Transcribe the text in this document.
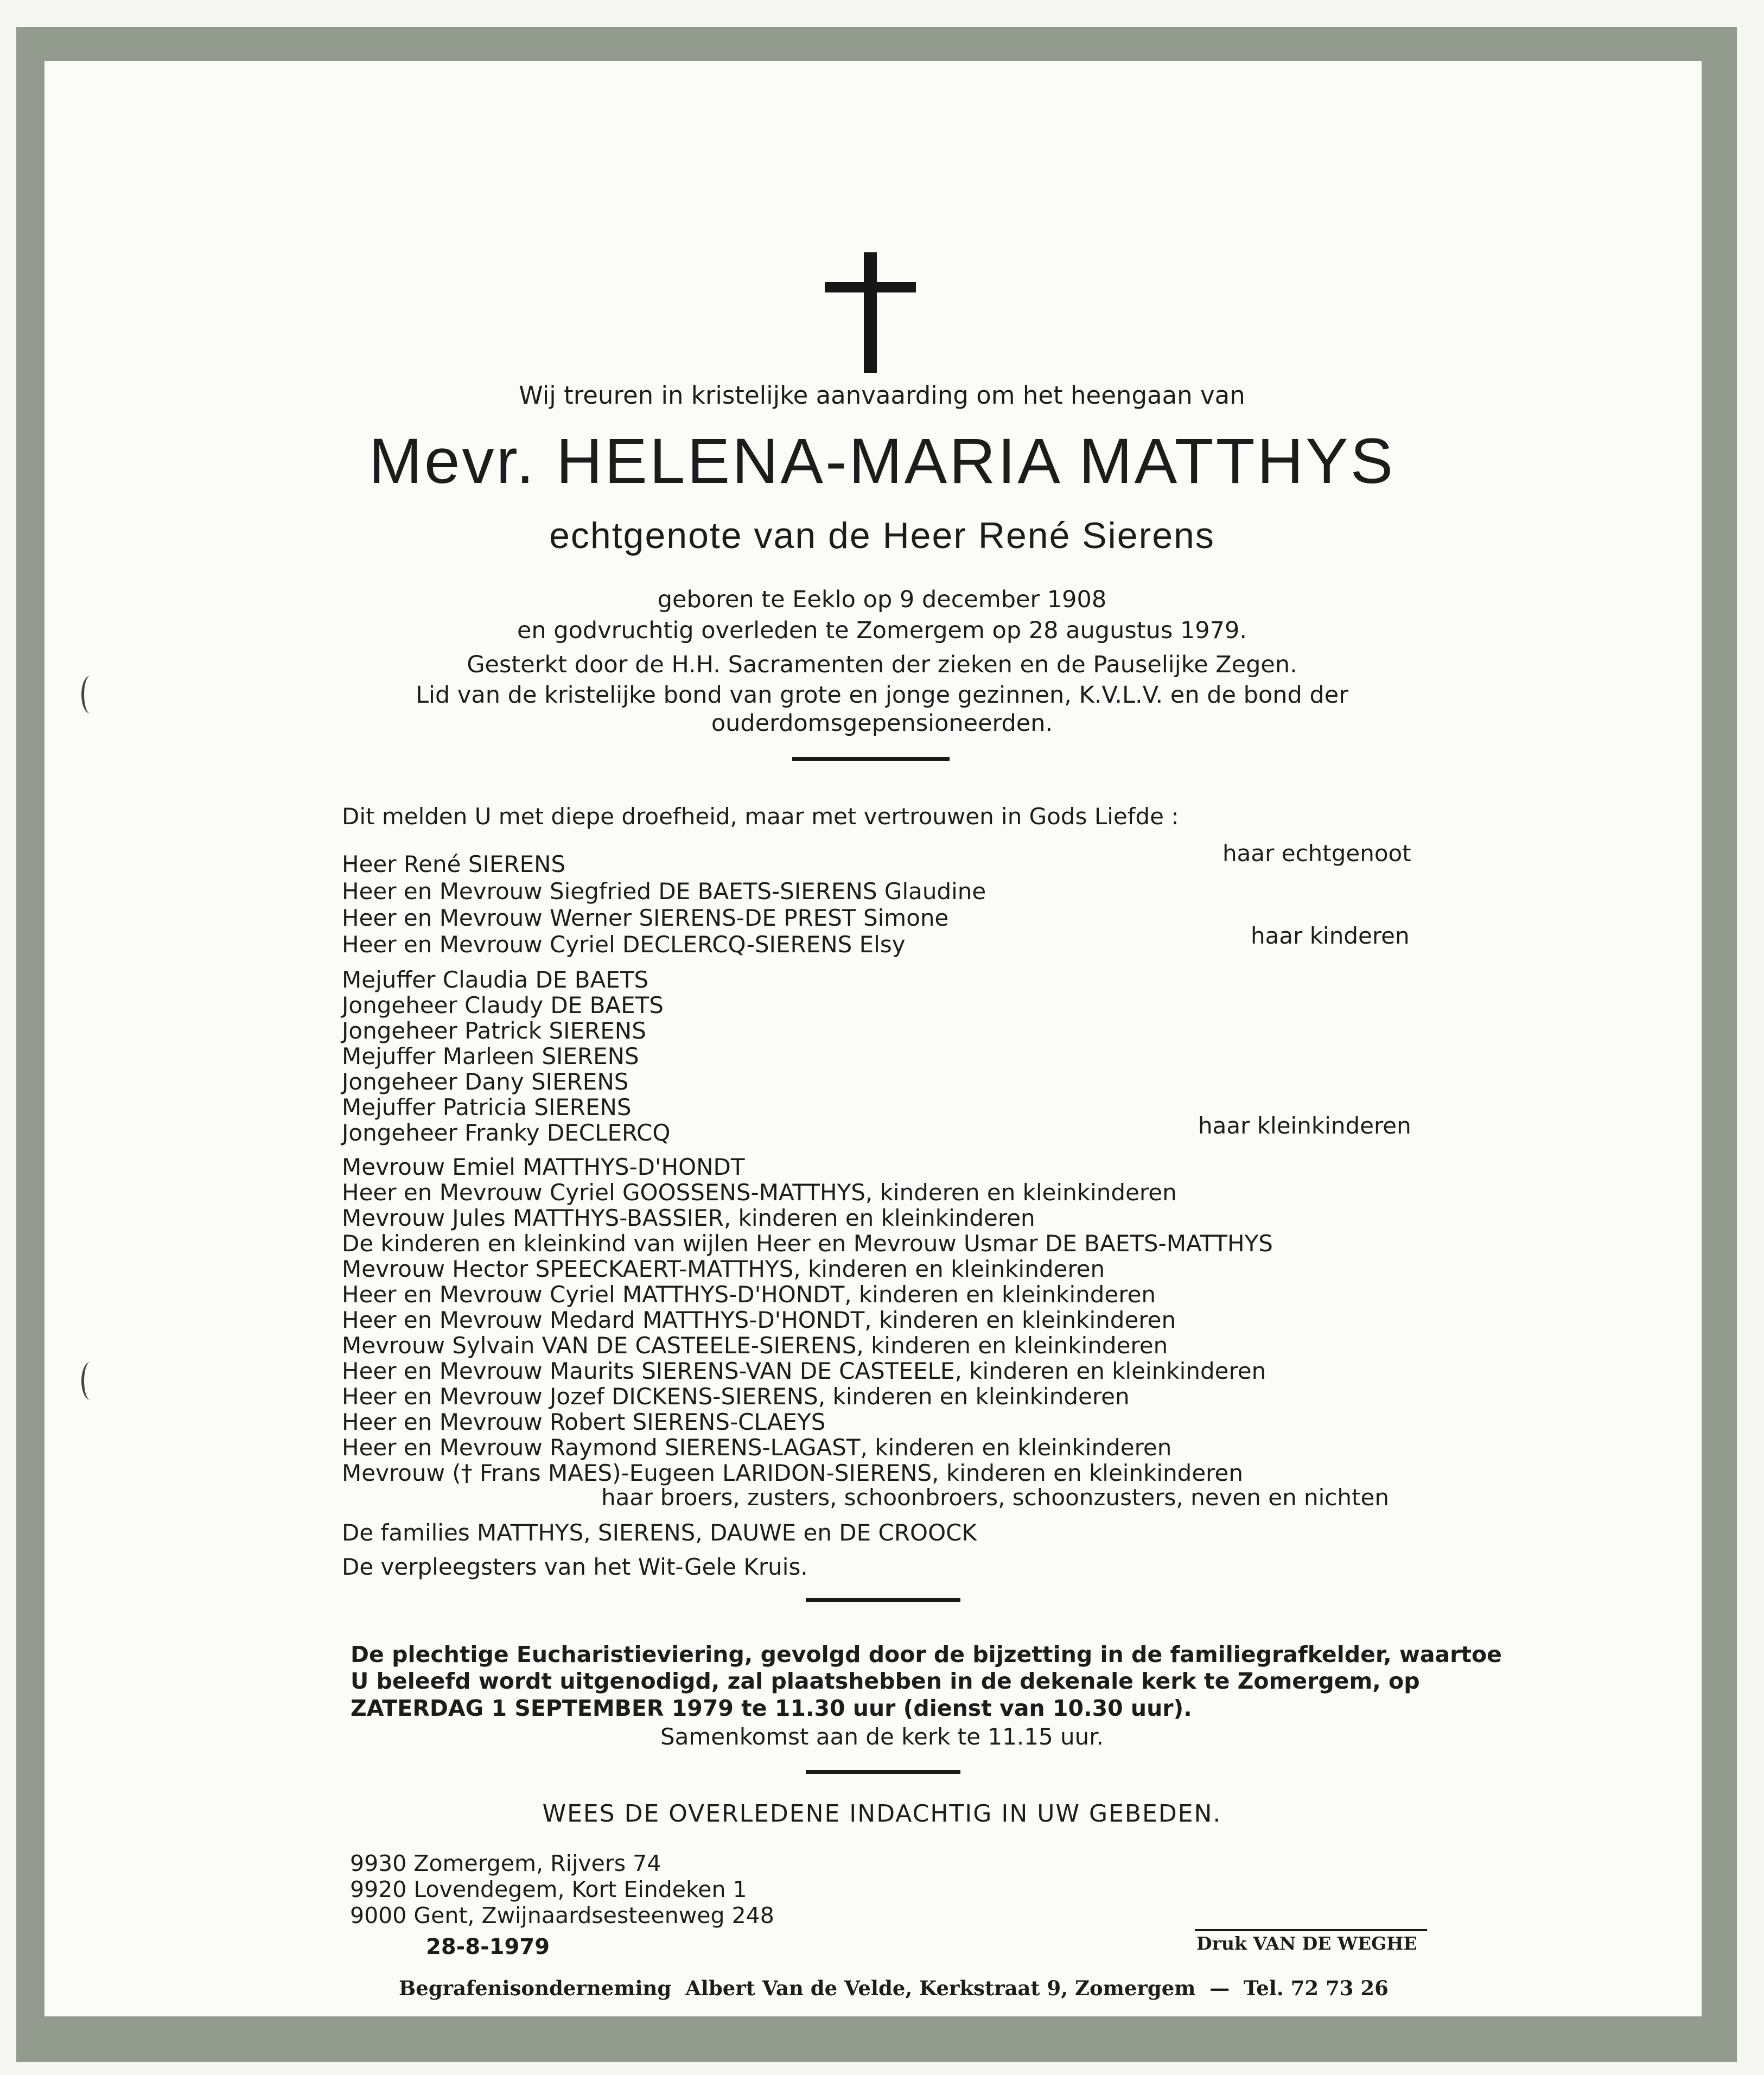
Wij treuren in kristelijke aanvaarding om het heengaan van
Mevr. HELENA-MARIA MATTHYS
echtgenote van de Heer René Sierens
geboren te Eeklo op 9 december 1908
en godvruchtig overleden te Zomergem op 28 augustus 1979.
Gesterkt door de H.H. Sacramenten der zieken en de Pauselijke Zegen.
Lid van de kristelijke bond van grote en jonge gezinnen, K.V.L.V. en de bond der
ouderdomsgepensioneerden.
Dit melden U met diepe droefheid, maar met vertrouwen in Gods Liefde :
Heer René SIERENS	haar echtgenoot
Heer en Mevrouw Siegfried DE BAETS-SIERENS Glaudine
Heer en Mevrouw Werner SIERENS-DE PREST Simone
Heer en Mevrouw Cyriel DECLERCQ-SIERENS Elsy	haar kinderen
Mejuffer Claudia DE BAETS
Jongeheer Claudy DE BAETS
Jongeheer Patrick SIERENS
Mejuffer Marleen SIERENS
Jongeheer Dany SIERENS
Mejuffer Patricia SIERENS
Jongeheer Franky DECLERCQ	haar kleinkinderen
Mevrouw Emiel MATTHYS-D'HONDT
Heer en Mevrouw Cyriel GOOSSENS-MATTHYS, kinderen en kleinkinderen
Mevrouw Jules MATTHYS-BASSIER, kinderen en kleinkinderen
De kinderen en kleinkind van wijlen Heer en Mevrouw Usmar DE BAETS-MATTHYS
Mevrouw Hector SPEECKAERT-MATTHYS, kinderen en kleinkinderen
Heer en Mevrouw Cyriel MATTHYS-D'HONDT, kinderen en kleinkinderen
Heer en Mevrouw Medard MATTHYS-D'HONDT, kinderen en kleinkinderen
Mevrouw Sylvain VAN DE CASTEELE-SIERENS, kinderen en kleinkinderen
Heer en Mevrouw Maurits SIERENS-VAN DE CASTEELE, kinderen en kleinkinderen
Heer en Mevrouw Jozef DICKENS-SIERENS, kinderen en kleinkinderen
Heer en Mevrouw Robert SIERENS-CLAEYS
Heer en Mevrouw Raymond SIERENS-LAGAST, kinderen en kleinkinderen
Mevrouw († Frans MAES)-Eugeen LARIDON-SIERENS, kinderen en kleinkinderen
haar broers, zusters, schoonbroers, schoonzusters, neven en nichten
De families MATTHYS, SIERENS, DAUWE en DE CROOCK
De verpleegsters van het Wit-Gele Kruis.
De plechtige Eucharistieviering, gevolgd door de bijzetting in de familiegrafkelder, waartoe
U beleefd wordt uitgenodigd, zal plaatshebben in de dekenale kerk te Zomergem, op
ZATERDAG 1 SEPTEMBER 1979 te 11.30 uur (dienst van 10.30 uur).
Samenkomst aan de kerk te 11.15 uur.
WEES DE OVERLEDENE INDACHTIG IN UW GEBEDEN.
9930 Zomergem, Rijvers 74
9920 Lovendegem, Kort Eindeken 1
9000 Gent, Zwijnaardsesteenweg 248
28-8-1979	Druk VAN DE WEGHE
Begrafenisonderneming  Albert Van de Velde, Kerkstraat 9, Zomergem  —  Tel. 72 73 26
